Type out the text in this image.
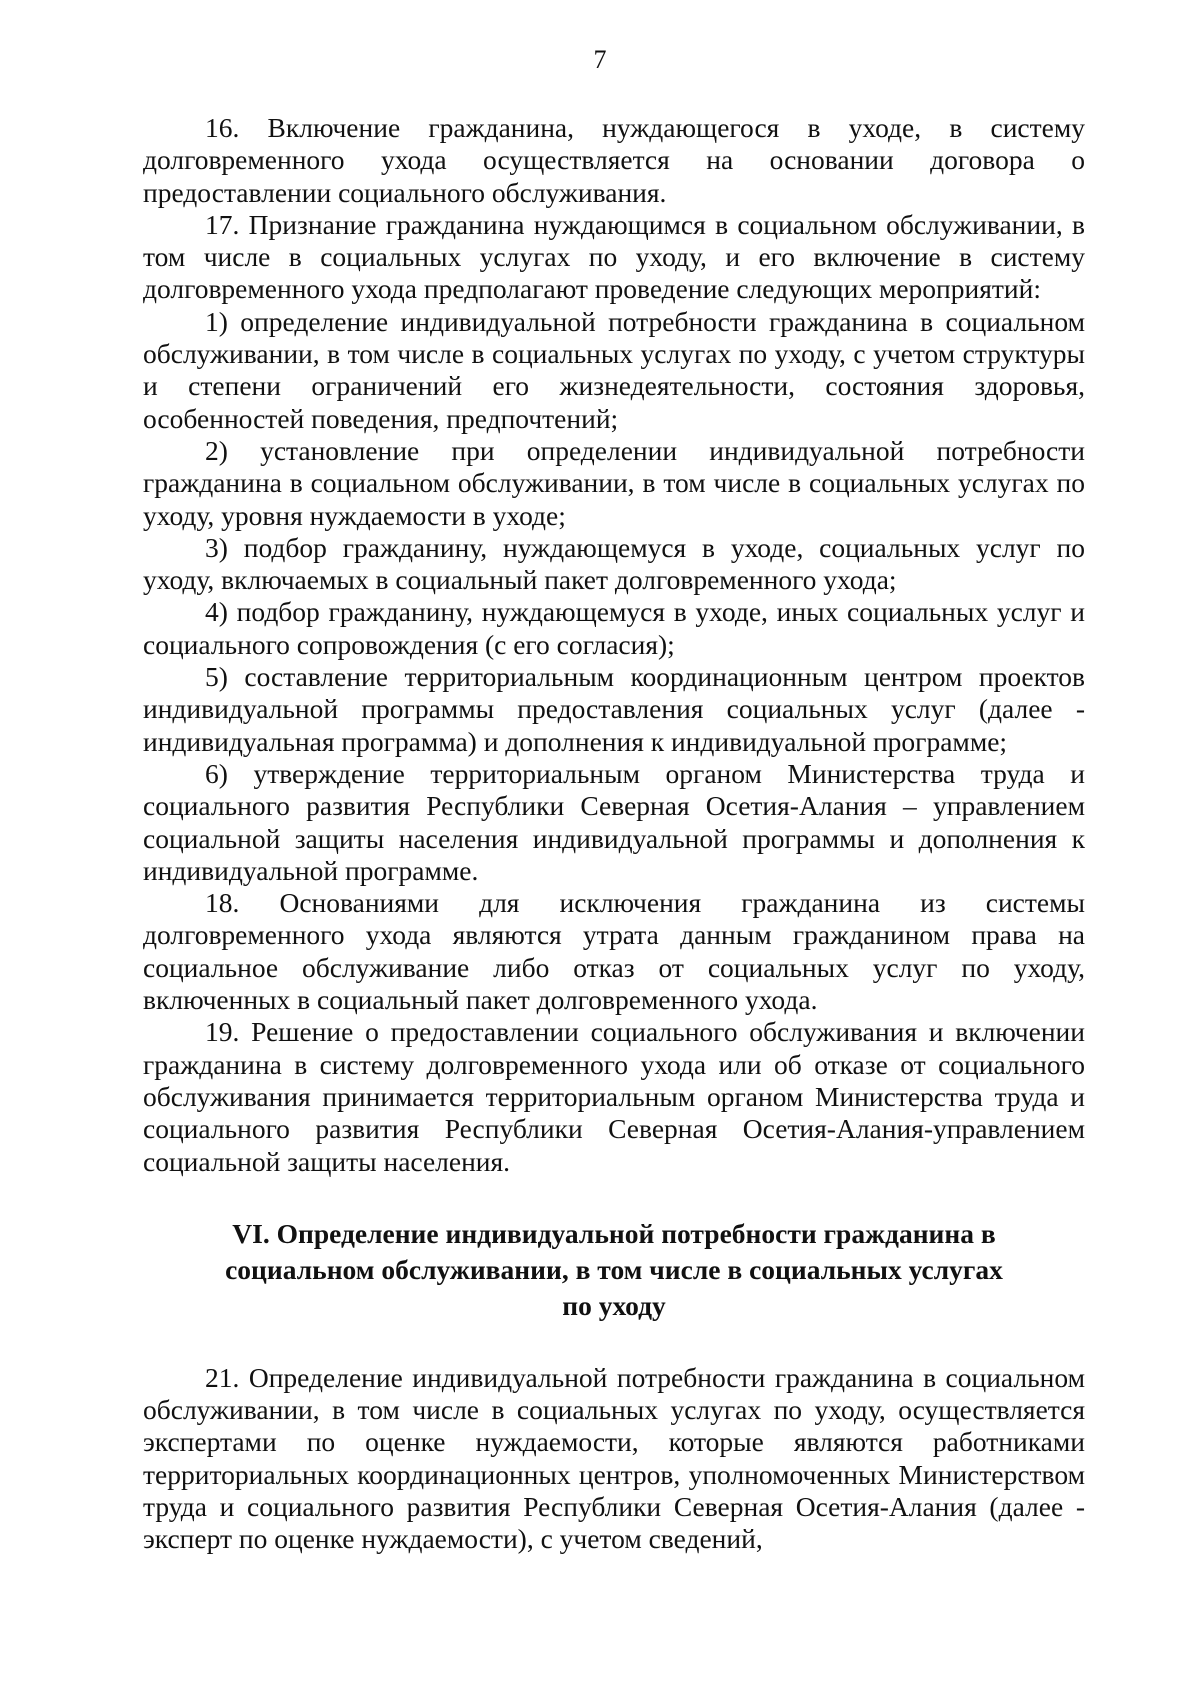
7

16. Включение гражданина, нуждающегося в уходе, в систему долговременного ухода осуществляется на основании договора о предоставлении социального обслуживания.

17. Признание гражданина нуждающимся в социальном обслуживании, в том числе в социальных услугах по уходу, и его включение в систему долговременного ухода предполагают проведение следующих мероприятий:

1) определение индивидуальной потребности гражданина в социальном обслуживании, в том числе в социальных услугах по уходу, с учетом структуры и степени ограничений его жизнедеятельности, состояния здоровья, особенностей поведения, предпочтений;

2) установление при определении индивидуальной потребности гражданина в социальном обслуживании, в том числе в социальных услугах по уходу, уровня нуждаемости в уходе;

3) подбор гражданину, нуждающемуся в уходе, социальных услуг по уходу, включаемых в социальный пакет долговременного ухода;

4) подбор гражданину, нуждающемуся в уходе, иных социальных услуг и социального сопровождения (с его согласия);

5) составление территориальным координационным центром проектов индивидуальной программы предоставления социальных услуг (далее - индивидуальная программа) и дополнения к индивидуальной программе;

6) утверждение территориальным органом Министерства труда и социального развития Республики Северная Осетия-Алания – управлением социальной защиты населения индивидуальной программы и дополнения к индивидуальной программе.

18. Основаниями для исключения гражданина из системы долговременного ухода являются утрата данным гражданином права на социальное обслуживание либо отказ от социальных услуг по уходу, включенных в социальный пакет долговременного ухода.

19. Решение о предоставлении социального обслуживания и включении гражданина в систему долговременного ухода или об отказе от социального обслуживания принимается территориальным органом Министерства труда и социального развития Республики Северная Осетия-Алания-управлением социальной защиты населения.

VI. Определение индивидуальной потребности гражданина в
социальном обслуживании, в том числе в социальных услугах
по уходу

21. Определение индивидуальной потребности гражданина в социальном обслуживании, в том числе в социальных услугах по уходу, осуществляется экспертами по оценке нуждаемости, которые являются работниками территориальных координационных центров, уполномоченных Министерством труда и социального развития Республики Северная Осетия-Алания (далее - эксперт по оценке нуждаемости), с учетом сведений,
